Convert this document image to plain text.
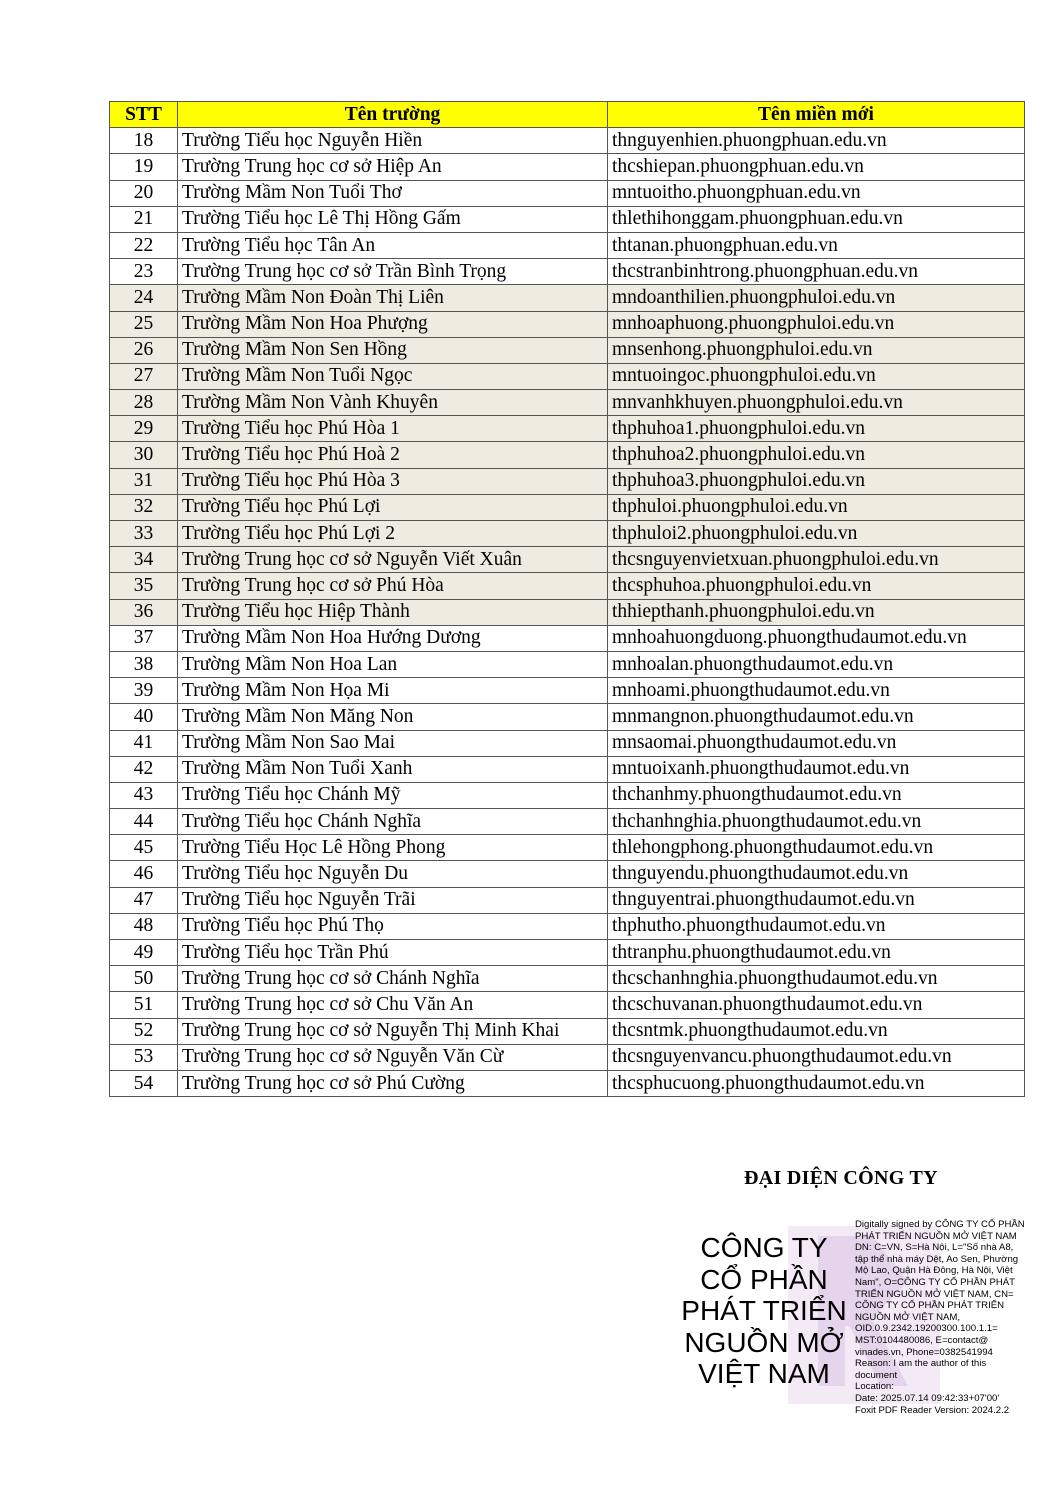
STT	Tên trường	Tên miền mới
18	Trường Tiểu học Nguyễn Hiền	thnguyenhien.phuongphuan.edu.vn
19	Trường Trung học cơ sở Hiệp An	thcshiepan.phuongphuan.edu.vn
20	Trường Mầm Non Tuổi Thơ	mntuoitho.phuongphuan.edu.vn
21	Trường Tiểu học Lê Thị Hồng Gấm	thlethihonggam.phuongphuan.edu.vn
22	Trường Tiểu học Tân An	thtanan.phuongphuan.edu.vn
23	Trường Trung học cơ sở Trần Bình Trọng	thcstranbinhtrong.phuongphuan.edu.vn
24	Trường Mầm Non Đoàn Thị Liên	mndoanthilien.phuongphuloi.edu.vn
25	Trường Mầm Non Hoa Phượng	mnhoaphuong.phuongphuloi.edu.vn
26	Trường Mầm Non Sen Hồng	mnsenhong.phuongphuloi.edu.vn
27	Trường Mầm Non Tuổi Ngọc	mntuoingoc.phuongphuloi.edu.vn
28	Trường Mầm Non Vành Khuyên	mnvanhkhuyen.phuongphuloi.edu.vn
29	Trường Tiểu học Phú Hòa 1	thphuhoa1.phuongphuloi.edu.vn
30	Trường Tiểu học Phú Hoà 2	thphuhoa2.phuongphuloi.edu.vn
31	Trường Tiểu học Phú Hòa 3	thphuhoa3.phuongphuloi.edu.vn
32	Trường Tiểu học Phú Lợi	thphuloi.phuongphuloi.edu.vn
33	Trường Tiểu học Phú Lợi 2	thphuloi2.phuongphuloi.edu.vn
34	Trường Trung học cơ sở Nguyễn Viết Xuân	thcsnguyenvietxuan.phuongphuloi.edu.vn
35	Trường Trung học cơ sở Phú Hòa	thcsphuhoa.phuongphuloi.edu.vn
36	Trường Tiểu học Hiệp Thành	thhiepthanh.phuongphuloi.edu.vn
37	Trường Mầm Non Hoa Hướng Dương	mnhoahuongduong.phuongthudaumot.edu.vn
38	Trường Mầm Non Hoa Lan	mnhoalan.phuongthudaumot.edu.vn
39	Trường Mầm Non Họa Mi	mnhoami.phuongthudaumot.edu.vn
40	Trường Mầm Non Măng Non	mnmangnon.phuongthudaumot.edu.vn
41	Trường Mầm Non Sao Mai	mnsaomai.phuongthudaumot.edu.vn
42	Trường Mầm Non Tuổi Xanh	mntuoixanh.phuongthudaumot.edu.vn
43	Trường Tiểu học Chánh Mỹ	thchanhmy.phuongthudaumot.edu.vn
44	Trường Tiểu học Chánh Nghĩa	thchanhnghia.phuongthudaumot.edu.vn
45	Trường Tiểu Học Lê Hồng Phong	thlehongphong.phuongthudaumot.edu.vn
46	Trường Tiểu học Nguyễn Du	thnguyendu.phuongthudaumot.edu.vn
47	Trường Tiểu học Nguyễn Trãi	thnguyentrai.phuongthudaumot.edu.vn
48	Trường Tiểu học Phú Thọ	thphutho.phuongthudaumot.edu.vn
49	Trường Tiểu học Trần Phú	thtranphu.phuongthudaumot.edu.vn
50	Trường Trung học cơ sở Chánh Nghĩa	thcschanhnghia.phuongthudaumot.edu.vn
51	Trường Trung học cơ sở Chu Văn An	thcschuvanan.phuongthudaumot.edu.vn
52	Trường Trung học cơ sở Nguyễn Thị Minh Khai	thcsntmk.phuongthudaumot.edu.vn
53	Trường Trung học cơ sở Nguyễn Văn Cừ	thcsnguyenvancu.phuongthudaumot.edu.vn
54	Trường Trung học cơ sở Phú Cường	thcsphucuong.phuongthudaumot.edu.vn
ĐẠI DIỆN CÔNG TY
CÔNG TY
CỔ PHẦN
PHÁT TRIỂN
NGUỒN MỞ
VIỆT NAM
Digitally signed by CÔNG TY CỔ PHẦN
PHÁT TRIỂN NGUỒN MỞ VIỆT NAM
DN: C=VN, S=Hà Nội, L="Số nhà A8,
tập thể nhà máy Dệt, Ao Sen, Phường
Mộ Lao, Quận Hà Đông, Hà Nội, Việt
Nam", O=CÔNG TY CỔ PHẦN PHÁT
TRIỂN NGUỒN MỞ VIỆT NAM, CN=
CÔNG TY CỔ PHẦN PHÁT TRIỂN
NGUỒN MỞ VIỆT NAM,
OID.0.9.2342.19200300.100.1.1=
MST:0104480086, E=contact@
vinades.vn, Phone=0382541994
Reason: I am the author of this
document
Location:
Date: 2025.07.14 09:42:33+07'00'
Foxit PDF Reader Version: 2024.2.2
